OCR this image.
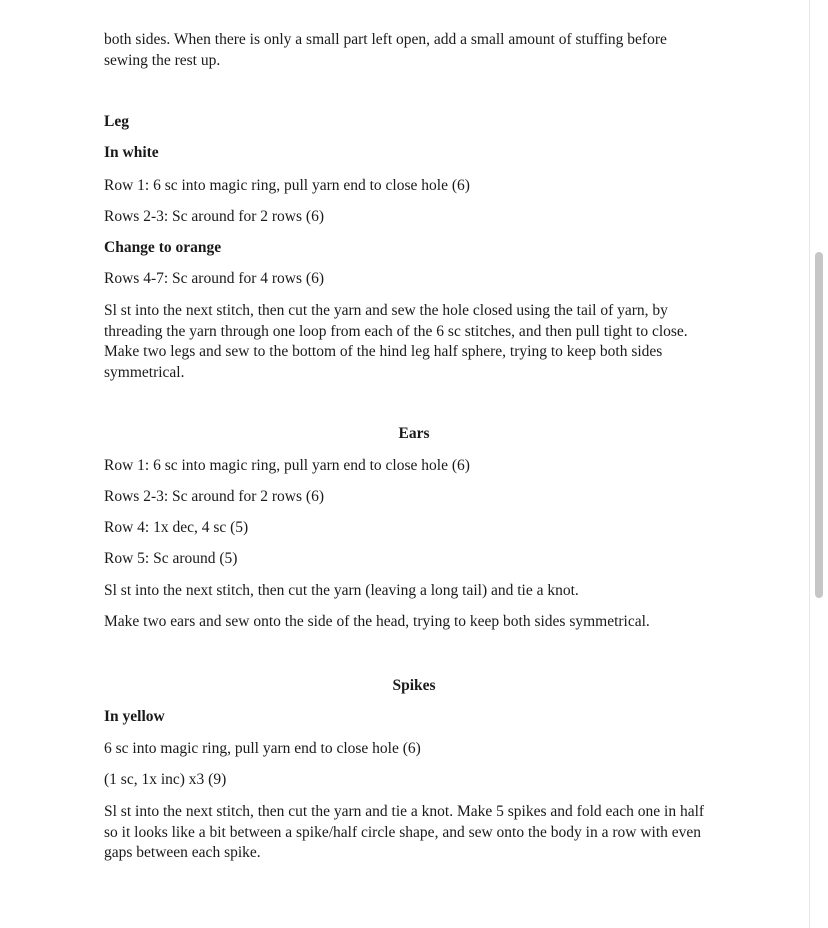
both sides. When there is only a small part left open, add a small amount of stuffing before sewing the rest up.

Leg

In white

Row 1: 6 sc into magic ring, pull yarn end to close hole (6)

Rows 2-3: Sc around for 2 rows (6)

Change to orange

Rows 4-7: Sc around for 4 rows (6)

Sl st into the next stitch, then cut the yarn and sew the hole closed using the tail of yarn, by threading the yarn through one loop from each of the 6 sc stitches, and then pull tight to close. Make two legs and sew to the bottom of the hind leg half sphere, trying to keep both sides symmetrical.

Ears

Row 1: 6 sc into magic ring, pull yarn end to close hole (6)

Rows 2-3: Sc around for 2 rows (6)

Row 4: 1x dec, 4 sc (5)

Row 5: Sc around (5)

Sl st into the next stitch, then cut the yarn (leaving a long tail) and tie a knot.

Make two ears and sew onto the side of the head, trying to keep both sides symmetrical.

Spikes

In yellow

6 sc into magic ring, pull yarn end to close hole (6)

(1 sc, 1x inc) x3 (9)

Sl st into the next stitch, then cut the yarn and tie a knot. Make 5 spikes and fold each one in half so it looks like a bit between a spike/half circle shape, and sew onto the body in a row with even gaps between each spike.
